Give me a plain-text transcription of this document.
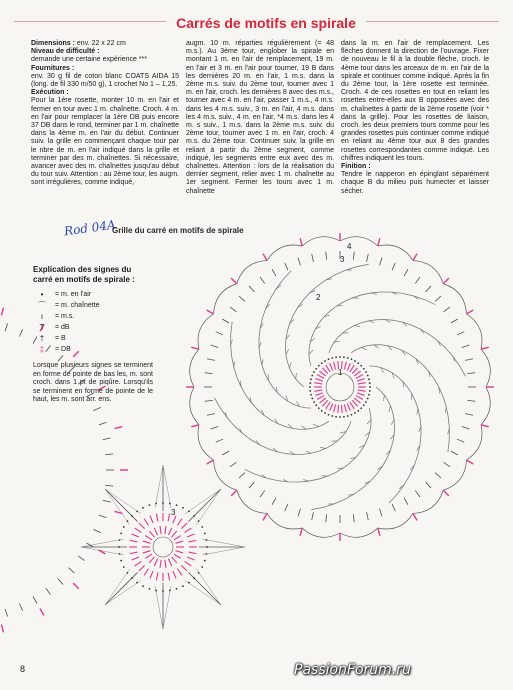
Carrés de motifs en spirale

Dimensions : env. 22 x 22 cm

Niveau de difficulté :

demande une certaine expérience ***

Fournitures :

env. 30 g fil de coton blanc COATS AIDA 15 (long. de fil 330 m/50 g), 1 crochet No 1 – 1,25.

Exécution :

Pour la 1ère rosette, monter 10 m. en l'air et fermer en tour avec 1 m. chaînette. Croch. 4 m. en l'air pour remplacer la 1ère DB puis encore 37 DB dans le rond, terminer par 1 m. chaînette dans la 4ème m. en l'air du début. Continuer suiv. la grille en commençant chaque tour par le nbre de m. en l'air indiqué dans la grille et terminer par des m. chaînettes. Si nécessaire, avancer avec des m. chaînettes jusqu'au début du tour suiv. Attention : au 2ème tour, les augm. sont irrégulières, comme indiqué,

augm. 10 m. réparties régulièrement (= 48 m.s.). Au 3ème tour, englober la spirale en montant 1 m. en l'air de remplacement, 19 m. en l'air et 3 m. en l'air pour tourner, 19 B dans les dernières 20 m. en l'air, 1 m.s. dans la 2ème m.s. suiv. du 2ème tour, tourner avec 1 m. en l'air, croch. les dernières 8 avec des m.s., tourner avec 4 m. en l'air, passer 1 m.s., 4 m.s. dans les 4 m.s. suiv., 3 m. en l'air, 4 m.s. dans les 4 m.s. suiv., 4 m. en l'air, *4 m.s. dans les 4 m. s suiv., 1 m.s. dans la 2ème m.s. suiv. du 2ème tour, tourner avec 1 m. en l'air, croch. 4 m.s. du 2ème tour. Continuer suiv. la grille en reliant à partir du 2ème segment, comme indiqué, les segments entre eux avec des m. chaînettes. Attention : lors de la réalisation du dernier segment, relier avec 1 m. chaînette au 1er segment. Fermer les tours avec 1 m. chaînette

dans la m. en l'air de remplacement. Les flèches donnent la direction de l'ouvrage. Fixer de nouveau le fil à la double flèche, croch. le 4ème tour dans les arceaux de m. en l'air de la spirale et continuer comme indiqué. Après la fin du 2ème tour, la 1ère rosette est terminée. Croch. 4 de ces rosettes en tout en reliant les rosettes entre-elles aux B opposées avec des m. chaînettes à partir de la 2ème rosette (voir * dans la grille). Pour les rosettes de liaison, croch. les deux premiers tours comme pour les grandes rosettes puis continuer comme indiqué en reliant au 4ème tour aux 8 des grandes rosettes correspondantes comme indiqué. Les chiffres indiquent les tours.

Finition :

Tendre le napperon en épinglant séparément chaque B du milieu puis humecter et laisser sécher.

Rod 04A
Grille du carré en motifs de spirale
3
2
1
4
3
Explication des signes du carré en motifs de spirale :
•	= m. en l'air
⌒	= m. chaînette
ı	= m.s.
T	= dB
†	= B
‡	= DB

Lorsque plusieurs signes se terminent en forme de pointe de bas les, m. sont croch. dans 1 pt de piqûre. Lorsqu'ils se terminent en forme de pointe de le haut, les m. sont arr. ens.

8	PassionForum.ru
